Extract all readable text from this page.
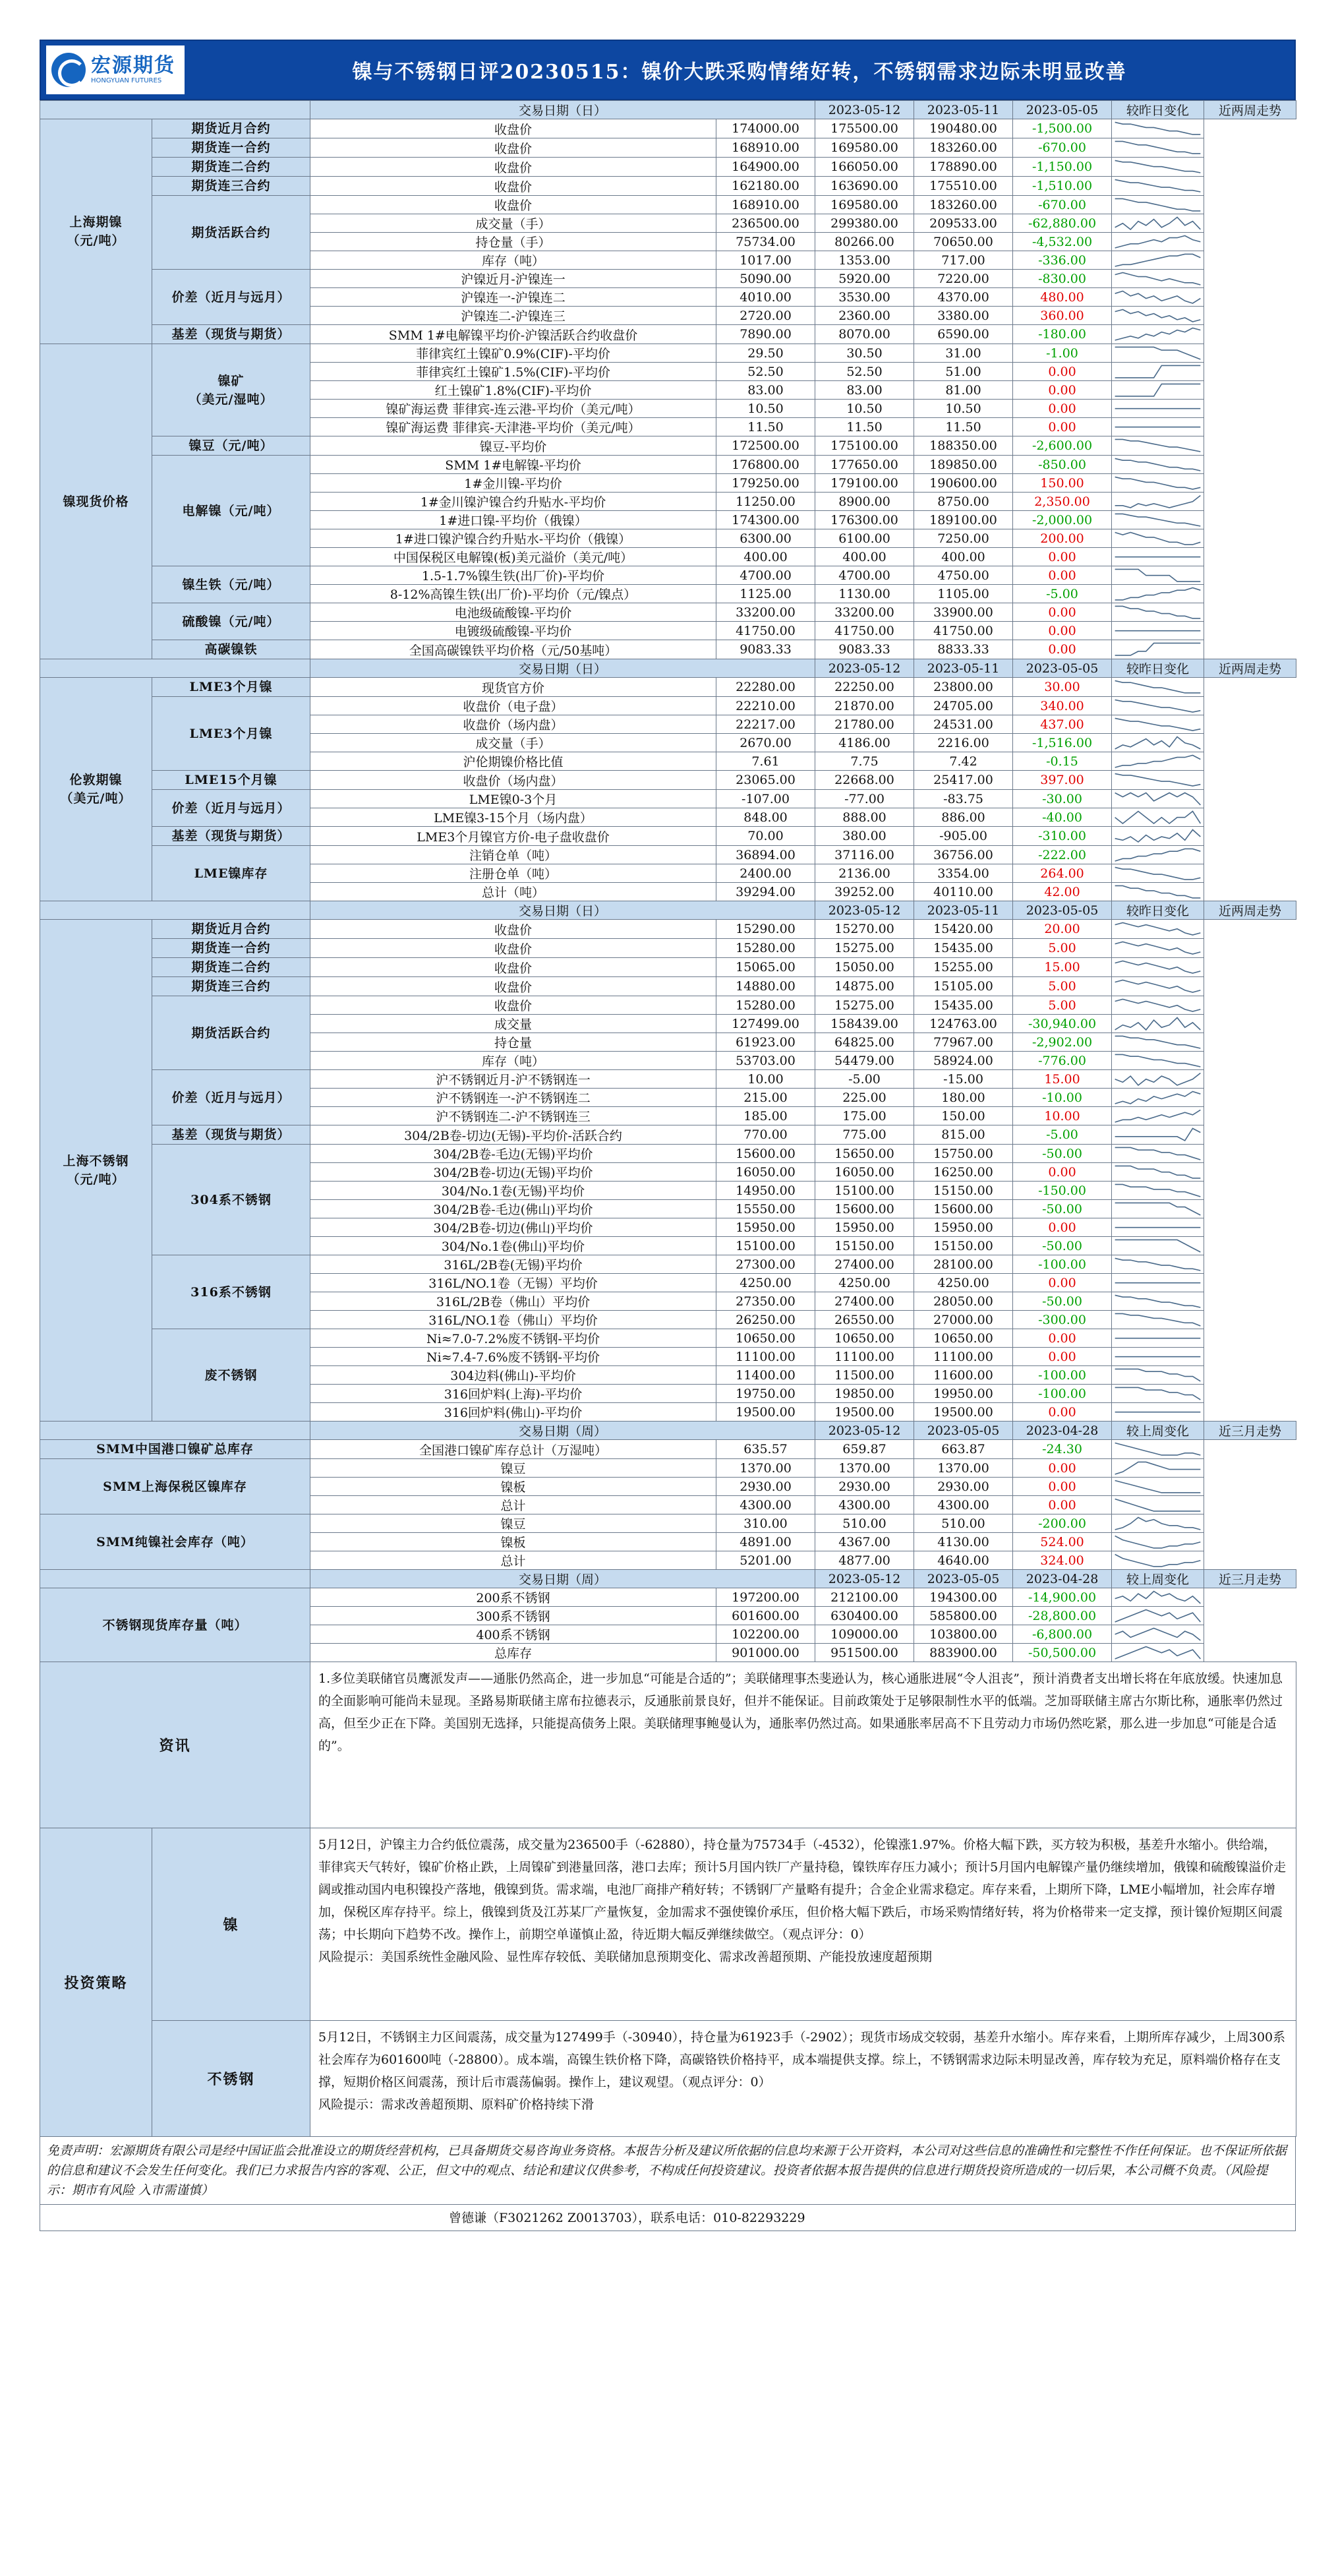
宏源期货
HONGYUAN FUTURES	镍与不锈钢日评20230515：镍价大跌采购情绪好转，不锈钢需求边际未明显改善
		交易日期（日）		2023-05-12	2023-05-11	2023-05-05	较昨日变化	近两周走势
上海期镍
（元/吨）	期货近月合约	收盘价	174000.00	175500.00	190480.00	-1,500.00	

	期货连一合约	收盘价	168910.00	169580.00	183260.00	-670.00	

	期货连二合约	收盘价	164900.00	166050.00	178890.00	-1,150.00	

	期货连三合约	收盘价	162180.00	163690.00	175510.00	-1,510.00	

	期货活跃合约	收盘价	168910.00	169580.00	183260.00	-670.00	

		成交量（手）	236500.00	299380.00	209533.00	-62,880.00	

		持仓量（手）	75734.00	80266.00	70650.00	-4,532.00	

		库存（吨）	1017.00	1353.00	717.00	-336.00	

	价差（近月与远月）	沪镍近月-沪镍连一	5090.00	5920.00	7220.00	-830.00	

		沪镍连一-沪镍连二	4010.00	3530.00	4370.00	480.00	

		沪镍连二-沪镍连三	2720.00	2360.00	3380.00	360.00	

	基差（现货与期货）	SMM 1#电解镍平均价-沪镍活跃合约收盘价	7890.00	8070.00	6590.00	-180.00	

镍现货价格	镍矿
（美元/湿吨）	菲律宾红土镍矿0.9%(CIF)-平均价	29.50	30.50	31.00	-1.00	

		菲律宾红土镍矿1.5%(CIF)-平均价	52.50	52.50	51.00	0.00	

		红土镍矿1.8%(CIF)-平均价	83.00	83.00	81.00	0.00	

		镍矿海运费 菲律宾-连云港-平均价（美元/吨）	10.50	10.50	10.50	0.00	

		镍矿海运费 菲律宾-天津港-平均价（美元/吨）	11.50	11.50	11.50	0.00	

	镍豆（元/吨）	镍豆-平均价	172500.00	175100.00	188350.00	-2,600.00	

	电解镍（元/吨）	SMM 1#电解镍-平均价	176800.00	177650.00	189850.00	-850.00	

		1#金川镍-平均价	179250.00	179100.00	190600.00	150.00	

		1#金川镍沪镍合约升贴水-平均价	11250.00	8900.00	8750.00	2,350.00	

		1#进口镍-平均价（俄镍）	174300.00	176300.00	189100.00	-2,000.00	

		1#进口镍沪镍合约升贴水-平均价（俄镍）	6300.00	6100.00	7250.00	200.00	

		中国保税区电解镍(板)美元溢价（美元/吨）	400.00	400.00	400.00	0.00	

	镍生铁（元/吨）	1.5-1.7%镍生铁(出厂价)-平均价	4700.00	4700.00	4750.00	0.00	

		8-12%高镍生铁(出厂价)-平均价（元/镍点）	1125.00	1130.00	1105.00	-5.00	

	硫酸镍（元/吨）	电池级硫酸镍-平均价	33200.00	33200.00	33900.00	0.00	

		电镀级硫酸镍-平均价	41750.00	41750.00	41750.00	0.00	

	高碳镍铁	全国高碳镍铁平均价格（元/50基吨）	9083.33	9083.33	8833.33	0.00	

		交易日期（日）		2023-05-12	2023-05-11	2023-05-05	较昨日变化	近两周走势
伦敦期镍
（美元/吨）	LME3个月镍	现货官方价	22280.00	22250.00	23800.00	30.00	

	LME3个月镍	收盘价（电子盘）	22210.00	21870.00	24705.00	340.00	

		收盘价（场内盘）	22217.00	21780.00	24531.00	437.00	

		成交量（手）	2670.00	4186.00	2216.00	-1,516.00	

		沪伦期镍价格比值	7.61	7.75	7.42	-0.15	

	LME15个月镍	收盘价（场内盘）	23065.00	22668.00	25417.00	397.00	

	价差（近月与远月）	LME镍0-3个月	-107.00	-77.00	-83.75	-30.00	

		LME镍3-15个月（场内盘）	848.00	888.00	886.00	-40.00	

	基差（现货与期货）	LME3个月镍官方价-电子盘收盘价	70.00	380.00	-905.00	-310.00	

	LME镍库存	注销仓单（吨）	36894.00	37116.00	36756.00	-222.00	

		注册仓单（吨）	2400.00	2136.00	3354.00	264.00	

		总计（吨）	39294.00	39252.00	40110.00	42.00	

		交易日期（日）		2023-05-12	2023-05-11	2023-05-05	较昨日变化	近两周走势
上海不锈钢
（元/吨）	期货近月合约	收盘价	15290.00	15270.00	15420.00	20.00	

	期货连一合约	收盘价	15280.00	15275.00	15435.00	5.00	

	期货连二合约	收盘价	15065.00	15050.00	15255.00	15.00	

	期货连三合约	收盘价	14880.00	14875.00	15105.00	5.00	

	期货活跃合约	收盘价	15280.00	15275.00	15435.00	5.00	

		成交量	127499.00	158439.00	124763.00	-30,940.00	

		持仓量	61923.00	64825.00	77967.00	-2,902.00	

		库存（吨）	53703.00	54479.00	58924.00	-776.00	

	价差（近月与远月）	沪不锈钢近月-沪不锈钢连一	10.00	-5.00	-15.00	15.00	

		沪不锈钢连一-沪不锈钢连二	215.00	225.00	180.00	-10.00	

		沪不锈钢连二-沪不锈钢连三	185.00	175.00	150.00	10.00	

	基差（现货与期货）	304/2B卷-切边(无锡)-平均价-活跃合约	770.00	775.00	815.00	-5.00	

	304系不锈钢	304/2B卷-毛边(无锡)平均价	15600.00	15650.00	15750.00	-50.00	

		304/2B卷-切边(无锡)平均价	16050.00	16050.00	16250.00	0.00	

		304/No.1卷(无锡)平均价	14950.00	15100.00	15150.00	-150.00	

		304/2B卷-毛边(佛山)平均价	15550.00	15600.00	15600.00	-50.00	

		304/2B卷-切边(佛山)平均价	15950.00	15950.00	15950.00	0.00	

		304/No.1卷(佛山)平均价	15100.00	15150.00	15150.00	-50.00	

	316系不锈钢	316L/2B卷(无锡)平均价	27300.00	27400.00	28100.00	-100.00	

		316L/NO.1卷（无锡）平均价	4250.00	4250.00	4250.00	0.00	

		316L/2B卷（佛山）平均价	27350.00	27400.00	28050.00	-50.00	

		316L/NO.1卷（佛山）平均价	26250.00	26550.00	27000.00	-300.00	

	废不锈钢	Ni≈7.0-7.2%废不锈钢-平均价	10650.00	10650.00	10650.00	0.00	

		Ni≈7.4-7.6%废不锈钢-平均价	11100.00	11100.00	11100.00	0.00	

		304边料(佛山)-平均价	11400.00	11500.00	11600.00	-100.00	

		316回炉料(上海)-平均价	19750.00	19850.00	19950.00	-100.00	

		316回炉料(佛山)-平均价	19500.00	19500.00	19500.00	0.00	

		交易日期（周）		2023-05-12	2023-05-05	2023-04-28	较上周变化	近三月走势
SMM中国港口镍矿总库存		全国港口镍矿库存总计（万湿吨）	635.57	659.87	663.87	-24.30	

SMM上海保税区镍库存		镍豆	1370.00	1370.00	1370.00	0.00	

		镍板	2930.00	2930.00	2930.00	0.00	

		总计	4300.00	4300.00	4300.00	0.00	

SMM纯镍社会库存（吨）		镍豆	310.00	510.00	510.00	-200.00	

		镍板	4891.00	4367.00	4130.00	524.00	

		总计	5201.00	4877.00	4640.00	324.00	

		交易日期（周）		2023-05-12	2023-05-05	2023-04-28	较上周变化	近三月走势
不锈钢现货库存量（吨）		200系不锈钢	197200.00	212100.00	194300.00	-14,900.00	

		300系不锈钢	601600.00	630400.00	585800.00	-28,800.00	

		400系不锈钢	102200.00	109000.00	103800.00	-6,800.00	

		总库存	901000.00	951500.00	883900.00	-50,500.00	

资讯		1.多位美联储官员鹰派发声——通胀仍然高企，进一步加息“可能是合适的”；美联储理事杰斐逊认为，核心通胀进展“令人沮丧”，预计消费者支出增长将在年底放缓。快速加息的全面影响可能尚未显现。圣路易斯联储主席布拉德表示，反通胀前景良好，但并不能保证。目前政策处于足够限制性水平的低端。芝加哥联储主席古尔斯比称，通胀率仍然过高，但至少正在下降。美国别无选择，只能提高债务上限。美联储理事鲍曼认为，通胀率仍然过高。如果通胀率居高不下且劳动力市场仍然吃紧，那么进一步加息“可能是合适的”。						
投资策略	镍	5月12日，沪镍主力合约低位震荡，成交量为236500手（-62880），持仓量为75734手（-4532），伦镍涨1.97%。价格大幅下跌，买方较为积极，基差升水缩小。供给端，菲律宾天气转好，镍矿价格止跌，上周镍矿到港量回落，港口去库；预计5月国内铁厂产量持稳，镍铁库存压力减小；预计5月国内电解镍产量仍继续增加，俄镍和硫酸镍溢价走阔或推动国内电积镍投产落地，俄镍到货。需求端，电池厂商排产稍好转；不锈钢厂产量略有提升；合金企业需求稳定。库存来看，上期所下降，LME小幅增加，社会库存增加，保税区库存持平。综上，俄镍到货及江苏某厂产量恢复，金加需求不强使镍价承压，但价格大幅下跌后，市场采购情绪好转，将为价格带来一定支撑，预计镍价短期区间震荡；中长期向下趋势不改。操作上，前期空单谨慎止盈，待近期大幅反弹继续做空。（观点评分：0）

风险提示：美国系统性金融风险、显性库存较低、美联储加息预期变化、需求改善超预期、产能投放速度超预期						

	不锈钢	5月12日，不锈钢主力区间震荡，成交量为127499手（-30940），持仓量为61923手（-2902）；现货市场成交较弱，基差升水缩小。库存来看，上期所库存减少，上周300系社会库存为601600吨（-28800）。成本端，高镍生铁价格下降，高碳铬铁价格持平，成本端提供支撑。综上，不锈钢需求边际未明显改善，库存较为充足，原料端价格存在支撑，短期价格区间震荡，预计后市震荡偏弱。操作上，建议观望。（观点评分：0）

风险提示：需求改善超预期、原料矿价格持续下滑						

免责声明：宏源期货有限公司是经中国证监会批准设立的期货经营机构，已具备期货交易咨询业务资格。本报告分析及建议所依据的信息均来源于公开资料，本公司对这些信息的准确性和完整性不作任何保证。也不保证所依据的信息和建议不会发生任何变化。我们已力求报告内容的客观、公正，但文中的观点、结论和建议仅供参考，不构成任何投资建议。投资者依据本报告提供的信息进行期货投资所造成的一切后果，本公司概不负责。（风险提示：期市有风险 入市需谨慎）
曾德谦（F3021262 Z0013703），联系电话：010-82293229
